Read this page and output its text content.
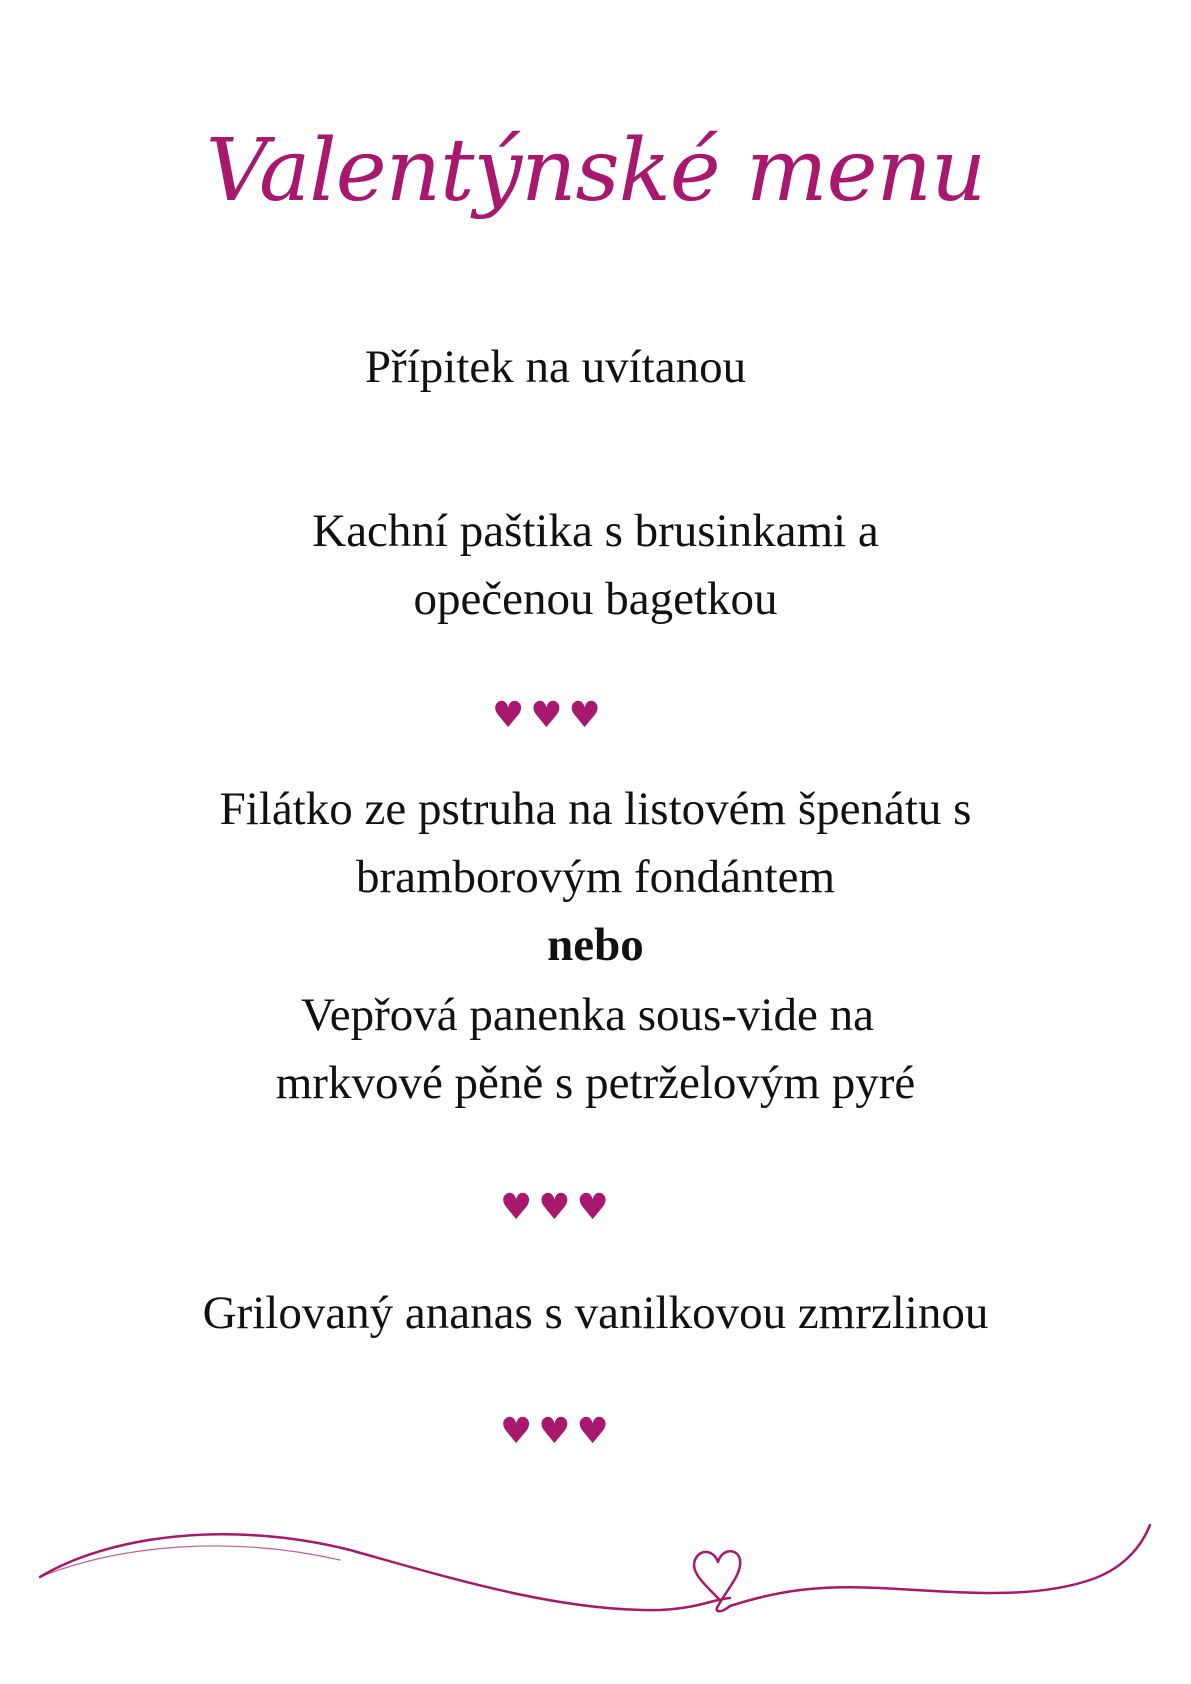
Valentýnské menu
Přípitek na uvítanou
Kachní paštika s brusinkami a
opečenou bagetkou
♥♥♥
Filátko ze pstruha na listovém špenátu s
bramborovým fondántem
nebo
Vepřová panenka sous-vide na
mrkvové pěně s petrželovým pyré
♥♥♥
Grilovaný ananas s vanilkovou zmrzlinou
♥♥♥
